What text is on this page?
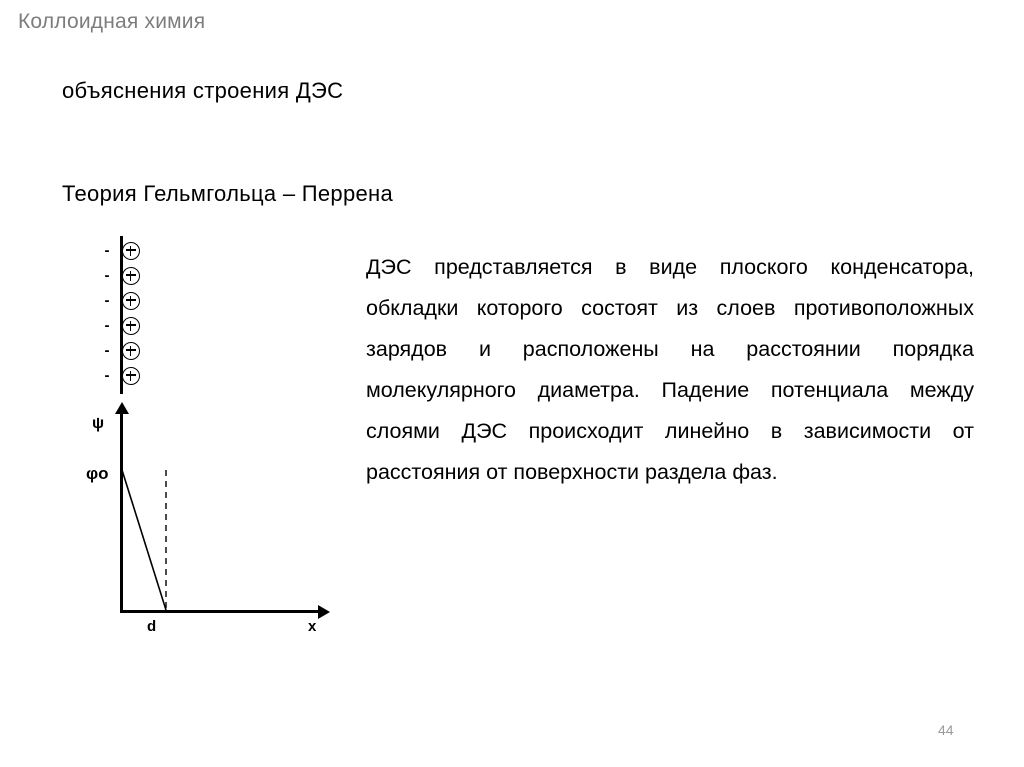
Коллоидная химия
объяснения строения ДЭС
Теория Гельмгольца – Перрена
ДЭС представляется в виде плоского конденсатора, обкладки которого состоят из слоев противоположных зарядов и расположены на расстоянии порядка молекулярного диаметра. Падение потенциала между слоями ДЭС происходит линейно в зависимости от расстояния от поверхности раздела фаз.
-
-
-
-
-
-
ψ
φo
d	x
44
